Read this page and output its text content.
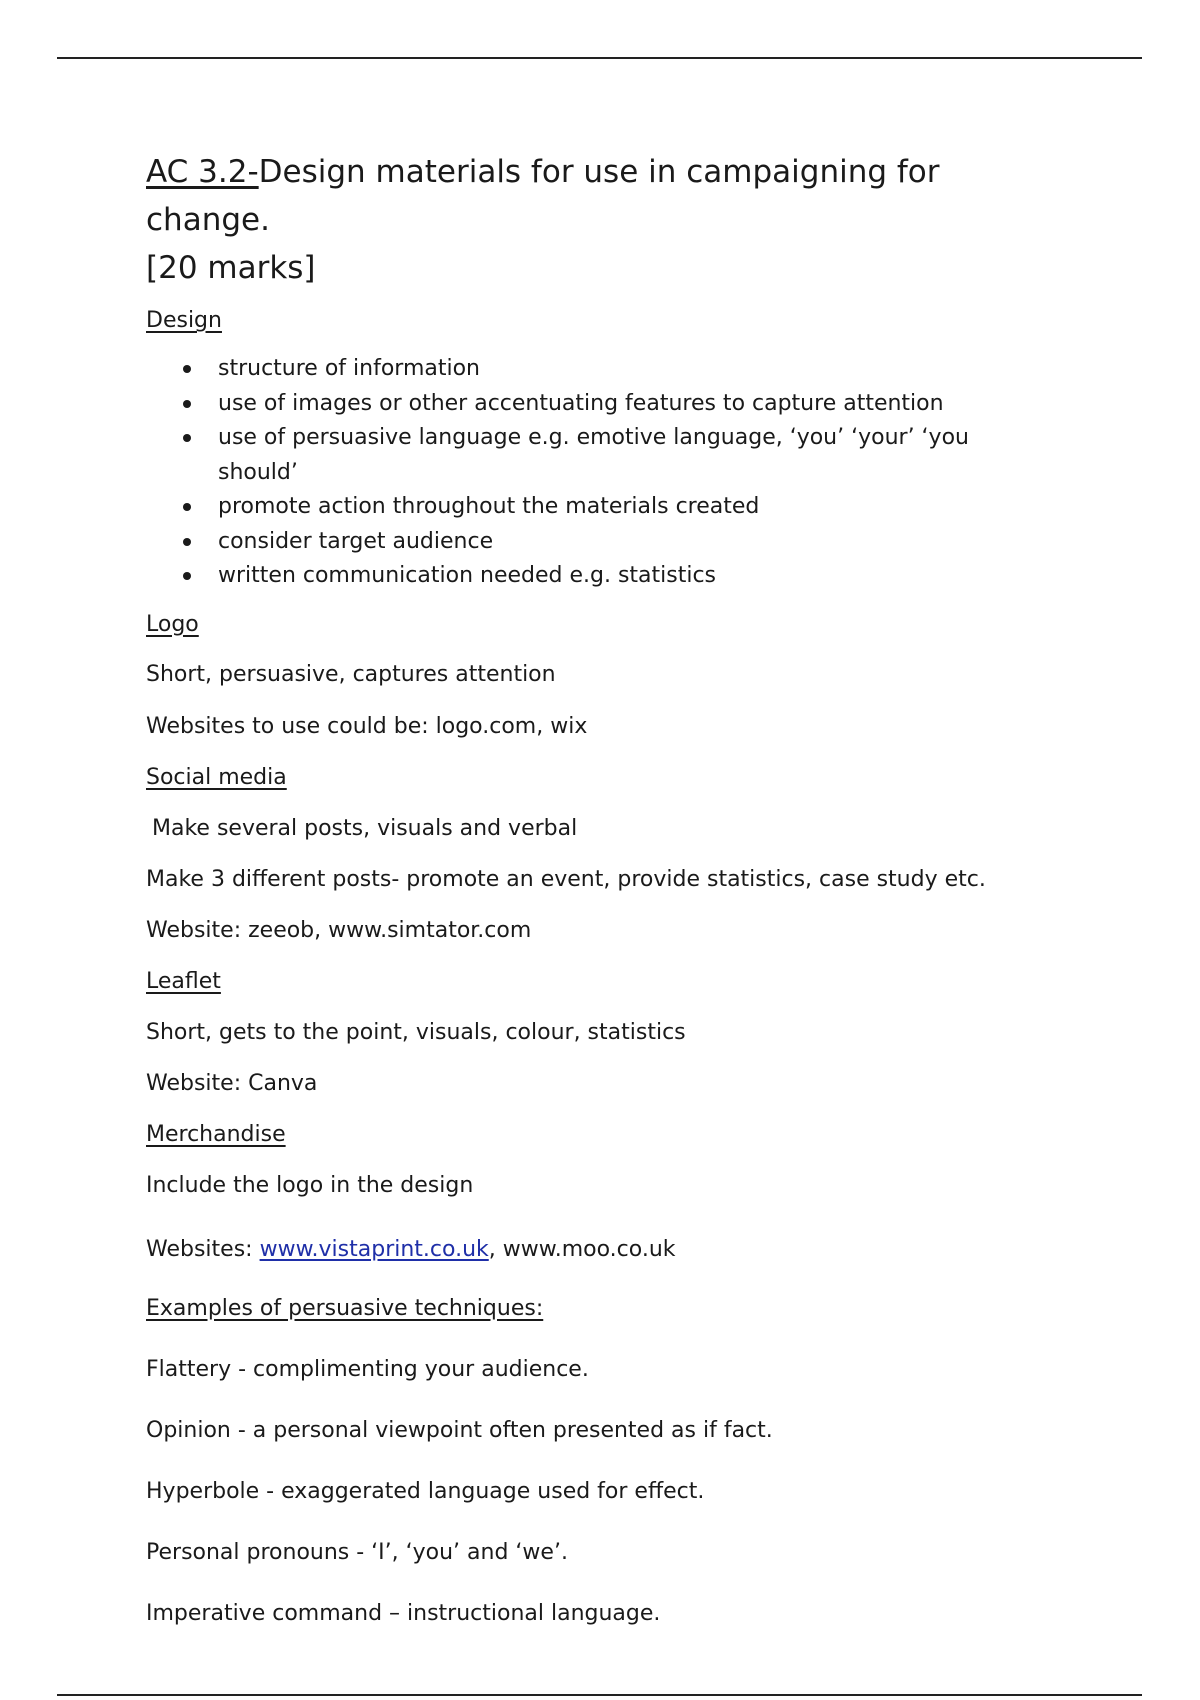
AC 3.2-Design materials for use in campaigning for change.
[20 marks]

Design

structure of information
use of images or other accentuating features to capture attention
use of persuasive language e.g. emotive language, ‘you’ ‘your’ ‘you should’
promote action throughout the materials created
consider target audience
written communication needed e.g. statistics

Logo

Short, persuasive, captures attention

Websites to use could be: logo.com, wix

Social media

Make several posts, visuals and verbal

Make 3 different posts- promote an event, provide statistics, case study etc.

Website: zeeob, www.simtator.com

Leaflet

Short, gets to the point, visuals, colour, statistics

Website: Canva

Merchandise

Include the logo in the design

Websites: www.vistaprint.co.uk, www.moo.co.uk

Examples of persuasive techniques:

Flattery - complimenting your audience.

Opinion - a personal viewpoint often presented as if fact.

Hyperbole - exaggerated language used for effect.

Personal pronouns - ‘I’, ‘you’ and ‘we’.

Imperative command – instructional language.
